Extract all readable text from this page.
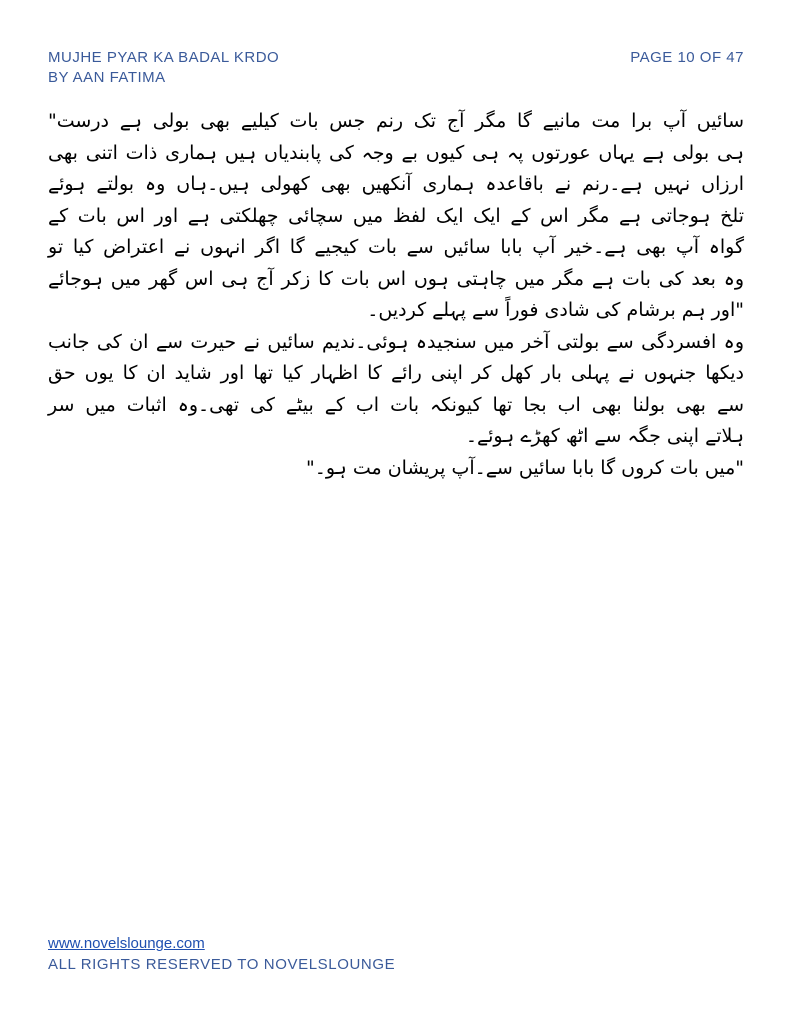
MUJHE PYAR KA BADAL KRDO
BY AAN FATIMA
PAGE 10 OF 47
سائیں آپ برا مت مانیے گا مگر آج تک رنم جس بات کیلیے بھی بولی ہے درست"
ہی بولی ہے یہاں عورتوں پہ ہی کیوں بے وجہ کی پابندیاں ہیں ہماری ذات اتنی بھی
ارزاں نہیں ہے۔رنم نے باقاعدہ ہماری آنکھیں بھی کھولی ہیں۔ہاں وہ بولتے ہوئے
تلخ ہوجاتی ہے مگر اس کے ایک ایک لفظ میں سچائی چھلکتی ہے اور اس بات کے
گواہ آپ بھی ہے۔خیر آپ بابا سائیں سے بات کیجیے گا اگر انہوں نے اعتراض کیا تو
وہ بعد کی بات ہے مگر میں چاہتی ہوں اس بات کا زکر آج ہی اس گھر میں ہوجائے
"اور ہم برشام کی شادی فوراً سے پہلے کردیں۔
وہ افسردگی سے بولتی آخر میں سنجیدہ ہوئی۔ندیم سائیں نے حیرت سے ان کی جانب
دیکھا جنہوں نے پہلی بار کھل کر اپنی رائے کا اظہار کیا تھا اور شاید ان کا یوں حق
سے بھی بولنا بھی اب بجا تھا کیونکہ بات اب کے بیٹے کی تھی۔وہ اثبات میں سر
ہلاتے اپنی جگہ سے اٹھ کھڑے ہوئے۔
"میں بات کروں گا بابا سائیں سے۔آپ پریشان مت ہو۔"
www.novelslounge.com
ALL RIGHTS RESERVED TO NOVELSLOUNGE
